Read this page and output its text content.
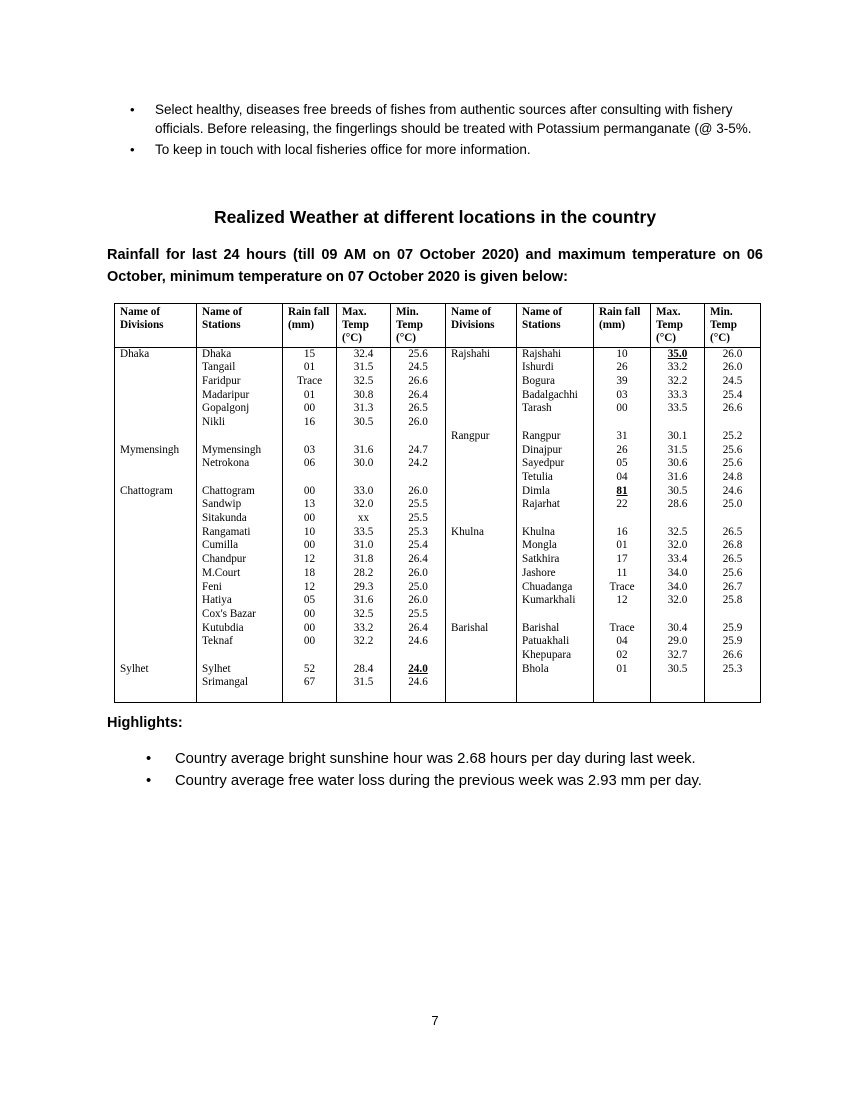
• Select healthy, diseases free breeds of fishes from authentic sources after consulting with fishery officials. Before releasing, the fingerlings should be treated with Potassium permanganate (@ 3-5%.
• To keep in touch with local fisheries office for more information.
Realized Weather at different locations in the country
Rainfall for last 24 hours (till 09 AM on 07 October 2020) and maximum temperature on 06 October, minimum temperature on 07 October 2020 is given below:
Name of Divisions	Name of Stations	Rain fall (mm)	Max. Temp (°C)	Min. Temp (°C)	Name of Divisions	Name of Stations	Rain fall (mm)	Max. Temp (°C)	Min. Temp (°C)
Dhaka	Dhaka	15	32.4	25.6	Rajshahi	Rajshahi	10	35.0	26.0
	Tangail	01	31.5	24.5		Ishurdi	26	33.2	26.0
	Faridpur	Trace	32.5	26.6		Bogura	39	32.2	24.5
	Madaripur	01	30.8	26.4		Badalgachhi	03	33.3	25.4
	Gopalgonj	00	31.3	26.5		Tarash	00	33.5	26.6
	Nikli	16	30.5	26.0					
					Rangpur	Rangpur	31	30.1	25.2
Mymensingh	Mymensingh	03	31.6	24.7		Dinajpur	26	31.5	25.6
	Netrokona	06	30.0	24.2		Sayedpur	05	30.6	25.6
						Tetulia	04	31.6	24.8
Chattogram	Chattogram	00	33.0	26.0		Dimla	81	30.5	24.6
	Sandwip	13	32.0	25.5		Rajarhat	22	28.6	25.0
	Sitakunda	00	xx	25.5					
	Rangamati	10	33.5	25.3	Khulna	Khulna	16	32.5	26.5
	Cumilla	00	31.0	25.4		Mongla	01	32.0	26.8
	Chandpur	12	31.8	26.4		Satkhira	17	33.4	26.5
	M.Court	18	28.2	26.0		Jashore	11	34.0	25.6
	Feni	12	29.3	25.0		Chuadanga	Trace	34.0	26.7
	Hatiya	05	31.6	26.0		Kumarkhali	12	32.0	25.8
	Cox's Bazar	00	32.5	25.5					
	Kutubdia	00	33.2	26.4	Barishal	Barishal	Trace	30.4	25.9
	Teknaf	00	32.2	24.6		Patuakhali	04	29.0	25.9
						Khepupara	02	32.7	26.6
Sylhet	Sylhet	52	28.4	24.0		Bhola	01	30.5	25.3
	Srimangal	67	31.5	24.6					
Highlights:
• Country average bright sunshine hour was 2.68 hours per day during last week.
• Country average free water loss during the previous week was 2.93 mm per day.
7
